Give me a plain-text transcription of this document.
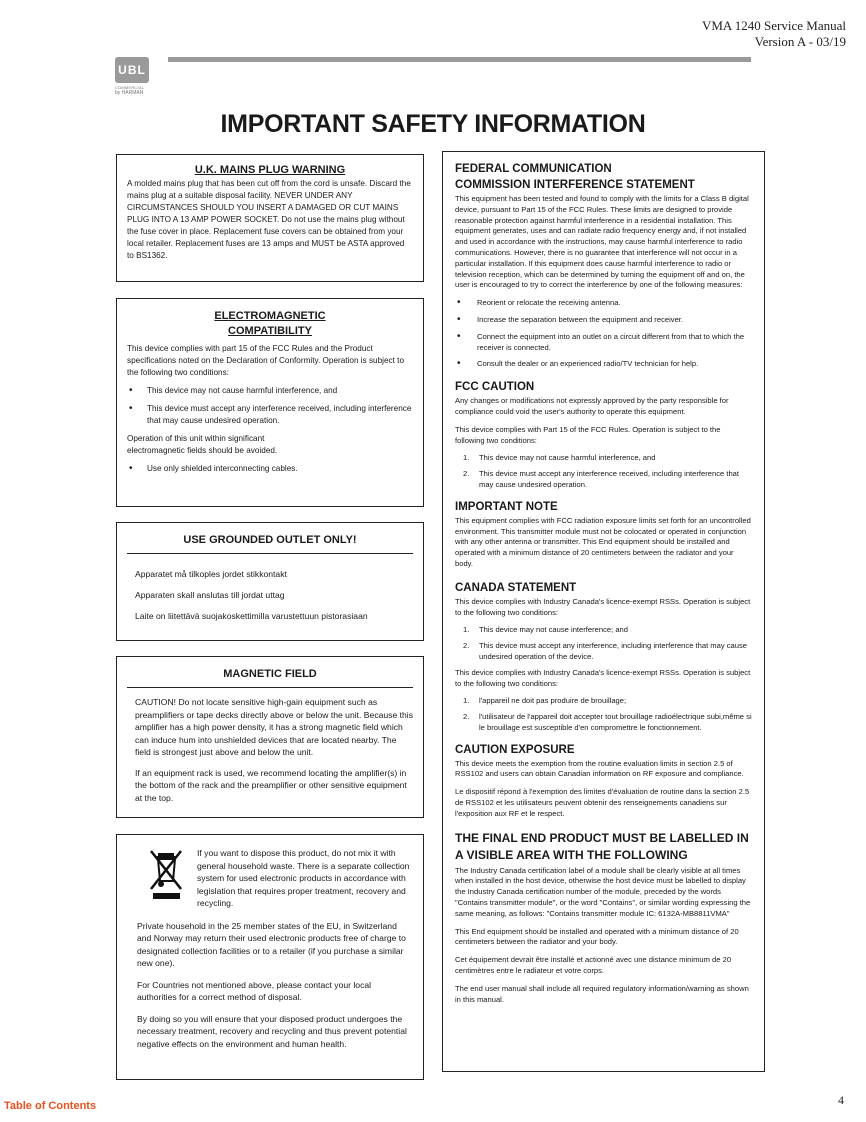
VMA 1240 Service Manual
Version A - 03/19
UBL
COMMERCIAL
by HARMAN
IMPORTANT SAFETY INFORMATION
U.K. MAINS PLUG WARNING

A molded mains plug that has been cut off from the cord is unsafe. Discard the mains plug at a suitable disposal facility. NEVER UNDER ANY CIRCUMSTANCES SHOULD YOU INSERT A DAMAGED OR CUT MAINS PLUG INTO A 13 AMP POWER SOCKET. Do not use the mains plug without the fuse cover in place. Replacement fuse covers can be obtained from your local retailer. Replacement fuses are 13 amps and MUST be ASTA approved to BS1362.

ELECTROMAGNETIC
COMPATIBILITY

This device complies with part 15 of the FCC Rules and the Product specifications noted on the Declaration of Conformity. Operation is subject to the following two conditions:

• This device may not cause harmful interference, and
• This device must accept any interference received, including interference that may cause undesired operation.

Operation of this unit within significant electromagnetic fields should be avoided.

• Use only shielded interconnecting cables.
USE GROUNDED OUTLET ONLY!

Apparatet må tilkoples jordet stikkontakt

Apparaten skall anslutas till jordat uttag

Laite on liitettävä suojakoskettimilla varustettuun pistorasiaan

MAGNETIC FIELD

CAUTION! Do not locate sensitive high-gain equipment such as preamplifiers or tape decks directly above or below the unit. Because this amplifier has a high power density, it has a strong magnetic field which can induce hum into unshielded devices that are located nearby. The field is strongest just above and below the unit.

If an equipment rack is used, we recommend locating the amplifier(s) in the bottom of the rack and the preamplifier or other sensitive equipment at the top.

If you want to dispose this product, do not mix it with general household waste. There is a separate collection system for used electronic products in accordance with legislation that requires proper treatment, recovery and recycling.

Private household in the 25 member states of the EU, in Switzerland and Norway may return their used electronic products free of charge to designated collection facilities or to a retailer (if you purchase a similar new one).

For Countries not mentioned above, please contact your local authorities for a correct method of disposal.

By doing so you will ensure that your disposed product undergoes the necessary treatment, recovery and recycling and thus prevent potential negative effects on the environment and human health.

FEDERAL COMMUNICATION
COMMISSION INTERFERENCE STATEMENT

This equipment has been tested and found to comply with the limits for a Class B digital device, pursuant to Part 15 of the FCC Rules. These limits are designed to provide reasonable protection against harmful interference in a residential installation. This equipment generates, uses and can radiate radio frequency energy and, if not installed and used in accordance with the instructions, may cause harmful interference to radio communications. However, there is no guarantee that interference will not occur in a particular installation. If this equipment does cause harmful interference to radio or television reception, which can be determined by turning the equipment off and on, the user is encouraged to try to correct the interference by one of the following measures:

• Reorient or relocate the receiving antenna.
• Increase the separation between the equipment and receiver.
• Connect the equipment into an outlet on a circuit different from that to which the receiver is connected.
• Consult the dealer or an experienced radio/TV technician for help.
FCC CAUTION

Any changes or modifications not expressly approved by the party responsible for compliance could void the user's authority to operate this equipment.

This device complies with Part 15 of the FCC Rules. Operation is subject to the following two conditions:

1. This device may not cause harmful interference, and
2. This device must accept any interference received, including interference that may cause undesired operation.
IMPORTANT NOTE

This equipment complies with FCC radiation exposure limits set forth for an uncontrolled environment. This transmitter module must not be colocated or operated in conjunction with any other antenna or transmitter. This End equipment should be installed and operated with a minimum distance of 20 centimeters between the radiator and your body.

CANADA STATEMENT

This device complies with Industry Canada's licence-exempt RSSs. Operation is subject to the following two conditions:

1. This device may not cause interference; and
2. This device must accept any interference, including interference that may cause undesired operation of the device.

This device complies with Industry Canada's licence-exempt RSSs. Operation is subject to the following two conditions:

1. l'appareil ne doit pas produire de brouillage;
2. l'utilisateur de l'appareil doit accepter tout brouillage radioélectrique subi,même si le brouillage est susceptible d'en compromettre le fonctionnement.
CAUTION EXPOSURE

This device meets the exemption from the routine evaluation limits in section 2.5 of RSS102 and users can obtain Canadian information on RF exposure and compliance.

Le dispositif répond à l'exemption des limites d'évaluation de routine dans la section 2.5 de RSS102 et les utilisateurs peuvent obtenir des renseignements canadiens sur l'exposition aux RF et le respect.

THE FINAL END PRODUCT MUST BE LABELLED IN
A VISIBLE AREA WITH THE FOLLOWING

The Industry Canada certification label of a module shall be clearly visible at all times when installed in the host device, otherwise the host device must be labelled to display the Industry Canada certification number of the module, preceded by the words "Contains transmitter module", or the word "Contains", or similar wording expressing the same meaning, as follows: "Contains transmitter module IC: 6132A-MB8811VMA"

This End equipment should be installed and operated with a minimum distance of 20 centimeters between the radiator and your body.

Cet équipement devrait être installé et actionné avec une distance minimum de 20 centimètres entre le radiateur et votre corps.

The end user manual shall include all required regulatory information/warning as shown in this manual.

Table of Contents	4
